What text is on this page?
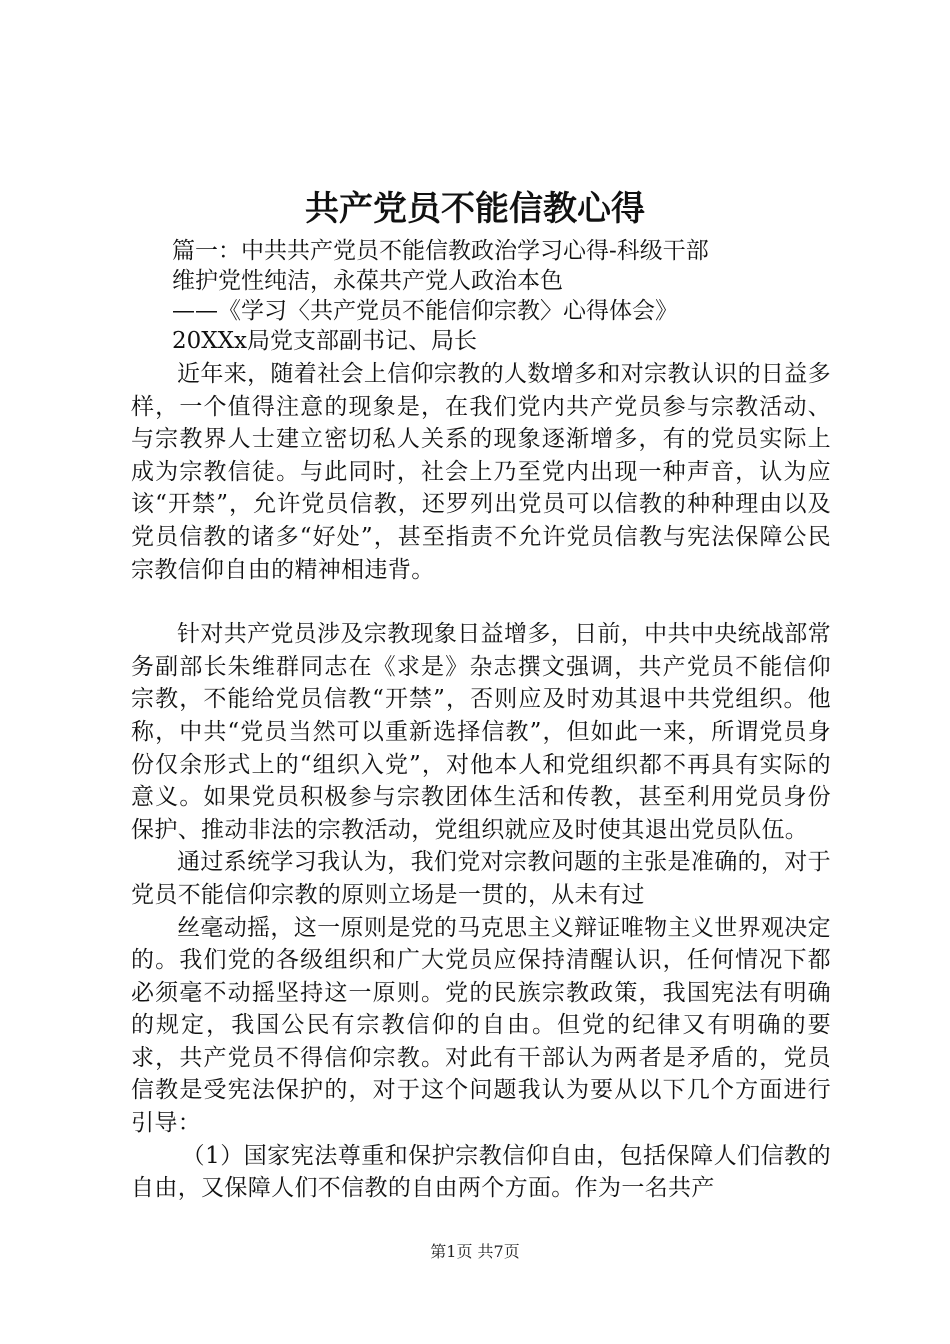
共产党员不能信教心得
篇一：中共共产党员不能信教政治学习心得-科级干部
维护党性纯洁，永葆共产党人政治本色
——《学习〈共产党员不能信仰宗教〉心得体会》
20XXx局党支部副书记、局长

近年来，随着社会上信仰宗教的人数增多和对宗教认识的日益多样，一个值得注意的现象是，在我们党内共产党员参与宗教活动、与宗教界人士建立密切私人关系的现象逐渐增多，有的党员实际上成为宗教信徒。与此同时，社会上乃至党内出现一种声音，认为应该“开禁”，允许党员信教，还罗列出党员可以信教的种种理由以及党员信教的诸多“好处”，甚至指责不允许党员信教与宪法保障公民宗教信仰自由的精神相违背。

针对共产党员涉及宗教现象日益增多，日前，中共中央统战部常务副部长朱维群同志在《求是》杂志撰文强调，共产党员不能信仰宗教，不能给党员信教“开禁”，否则应及时劝其退中共党组织。他称，中共“党员当然可以重新选择信教”，但如此一来，所谓党员身份仅余形式上的“组织入党”，对他本人和党组织都不再具有实际的意义。如果党员积极参与宗教团体生活和传教，甚至利用党员身份保护、推动非法的宗教活动，党组织就应及时使其退出党员队伍。

通过系统学习我认为，我们党对宗教问题的主张是准确的，对于党员不能信仰宗教的原则立场是一贯的，从未有过

丝毫动摇，这一原则是党的马克思主义辩证唯物主义世界观决定的。我们党的各级组织和广大党员应保持清醒认识，任何情况下都必须毫不动摇坚持这一原则。党的民族宗教政策，我国宪法有明确的规定，我国公民有宗教信仰的自由。但党的纪律又有明确的要求，共产党员不得信仰宗教。对此有干部认为两者是矛盾的，党员信教是受宪法保护的，对于这个问题我认为要从以下几个方面进行引导：

（1）国家宪法尊重和保护宗教信仰自由，包括保障人们信教的自由，又保障人们不信教的自由两个方面。作为一名共产

第1页 共7页
